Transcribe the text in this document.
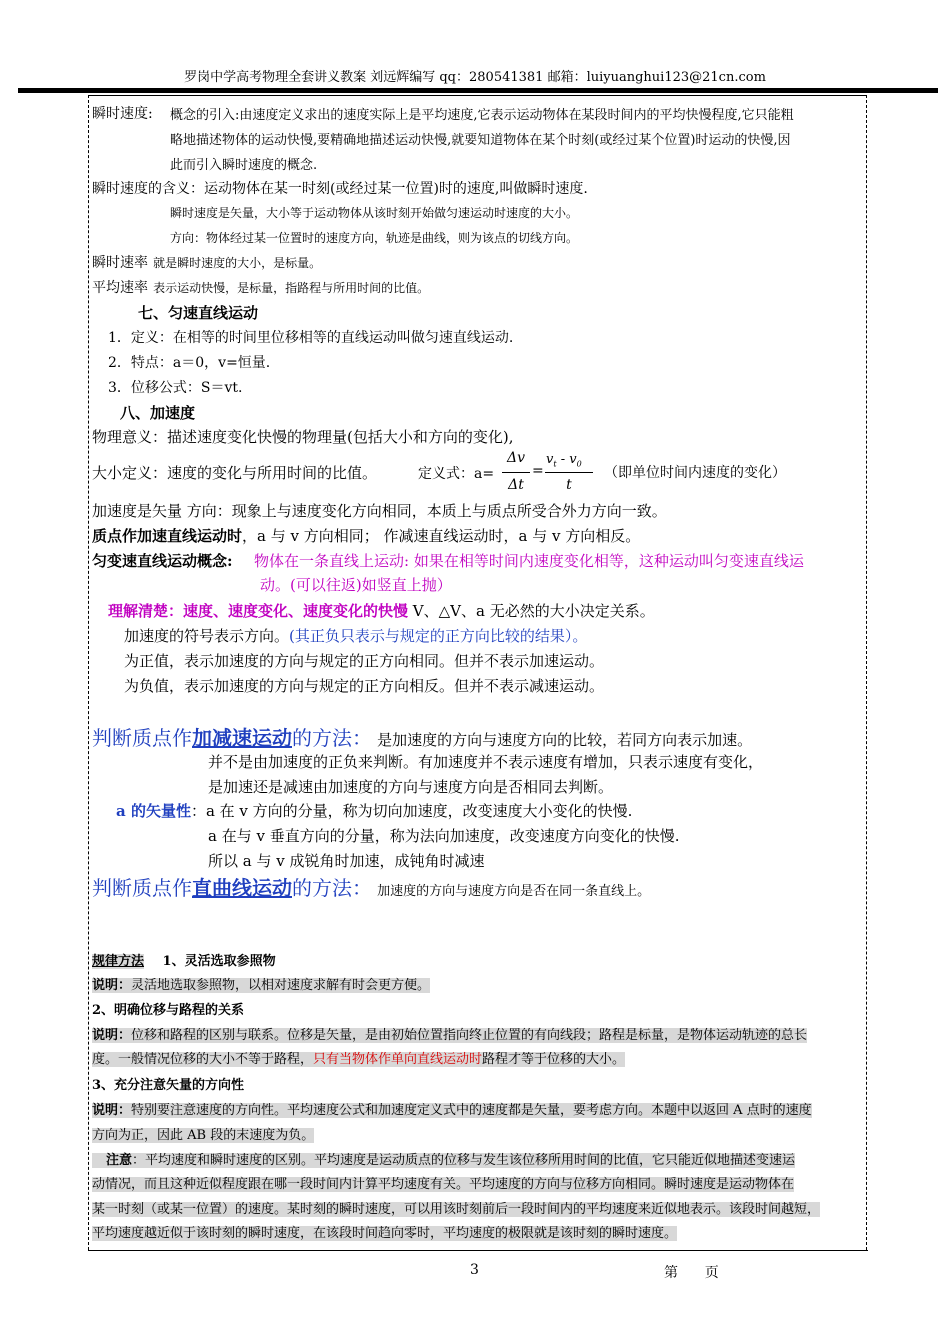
罗岗中学高考物理全套讲义教案 刘远辉编写 qq：280541381 邮箱：luiyuanghui123@21cn.com
瞬时速度: 概念的引入:由速度定义求出的速度实际上是平均速度,它表示运动物体在某段时间内的平均快慢程度,它只能粗
略地描述物体的运动快慢,要精确地描述运动快慢,就要知道物体在某个时刻(或经过某个位置)时运动的快慢,因
此而引入瞬时速度的概念.
瞬时速度的含义：运动物体在某一时刻(或经过某一位置)时的速度,叫做瞬时速度.
瞬时速度是矢量，大小等于运动物体从该时刻开始做匀速运动时速度的大小。
方向：物体经过某一位置时的速度方向，轨迹是曲线，则为该点的切线方向。
瞬时速率 就是瞬时速度的大小，是标量。
平均速率 表示运动快慢，是标量，指路程与所用时间的比值。
七、匀速直线运动
1．定义：在相等的时间里位移相等的直线运动叫做匀速直线运动.
2．特点：a＝0，v=恒量.
3．位移公式：S＝vt.
八、加速度
物理意义：描述速度变化快慢的物理量(包括大小和方向的变化),
大小定义：速度的变化与所用时间的比值。	定义式：a=
Δv
Δt
=
$v_t - v_0$
t
（即单位时间内速度的变化）
加速度是矢量 方向：现象上与速度变化方向相同，本质上与质点所受合外力方向一致。
质点作加速直线运动时，a 与 v 方向相同； 作减速直线运动时，a 与 v 方向相反。
匀变速直线运动概念: 物体在一条直线上运动: 如果在相等时间内速度变化相等，这种运动叫匀变速直线运
动。(可以往返)如竖直上抛）
理解清楚：速度、速度变化、速度变化的快慢 V、△V、a 无必然的大小决定关系。
加速度的符号表示方向。(其正负只表示与规定的正方向比较的结果）。
为正值，表示加速度的方向与规定的正方向相同。但并不表示加速运动。
为负值，表示加速度的方向与规定的正方向相反。但并不表示减速运动。
判断质点作加减速运动的方法： 是加速度的方向与速度方向的比较，若同方向表示加速。
并不是由加速度的正负来判断。有加速度并不表示速度有增加，只表示速度有变化，
是加速还是减速由加速度的方向与速度方向是否相同去判断。
a 的矢量性：a 在 v 方向的分量，称为切向加速度，改变速度大小变化的快慢.
a 在与 v 垂直方向的分量，称为法向加速度，改变速度方向变化的快慢.
所以 a 与 v 成锐角时加速，成钝角时减速
判断质点作直曲线运动的方法： 加速度的方向与速度方向是否在同一条直线上。
规律方法 1、灵活选取参照物
说明：灵活地选取参照物，以相对速度求解有时会更方便。
2、明确位移与路程的关系
说明：位移和路程的区别与联系。位移是矢量，是由初始位置指向终止位置的有向线段；路程是标量，是物体运动轨迹的总长
度。一般情况位移的大小不等于路程，只有当物体作单向直线运动时路程才等于位移的大小。
3、充分注意矢量的方向性
说明：特别要注意速度的方向性。平均速度公式和加速度定义式中的速度都是矢量，要考虑方向。本题中以返回 A 点时的速度
方向为正，因此 AB 段的末速度为负。
注意：平均速度和瞬时速度的区别。平均速度是运动质点的位移与发生该位移所用时间的比值，它只能近似地描述变速运
动情况，而且这种近似程度跟在哪一段时间内计算平均速度有关。平均速度的方向与位移方向相同。瞬时速度是运动物体在
某一时刻（或某一位置）的速度。某时刻的瞬时速度，可以用该时刻前后一段时间内的平均速度来近似地表示。该段时间越短，
平均速度越近似于该时刻的瞬时速度，在该段时间趋向零时，平均速度的极限就是该时刻的瞬时速度。
3	第      页
